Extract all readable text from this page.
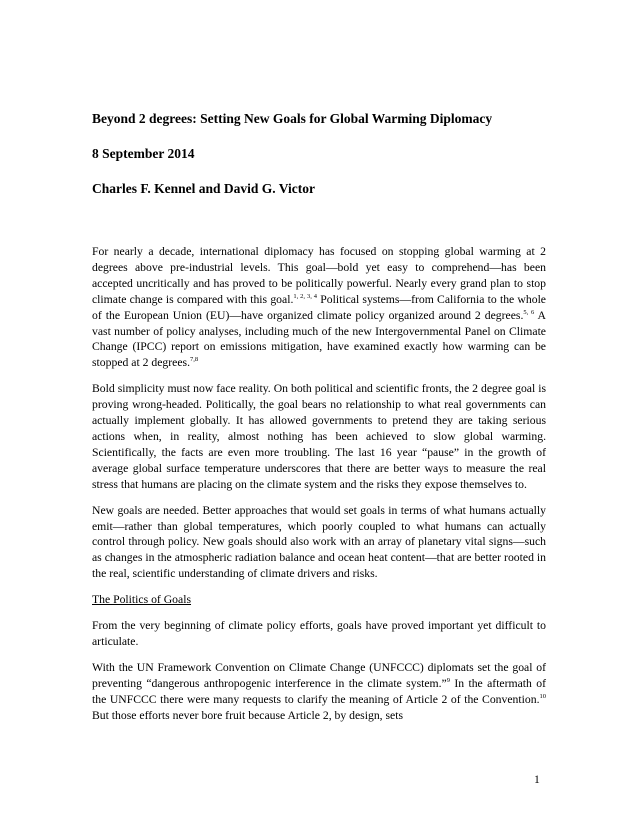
Beyond 2 degrees: Setting New Goals for Global Warming Diplomacy
8 September 2014
Charles F. Kennel and David G. Victor

For nearly a decade, international diplomacy has focused on stopping global warming at 2 degrees above pre-industrial levels. This goal—bold yet easy to comprehend—has been accepted uncritically and has proved to be politically powerful. Nearly every grand plan to stop climate change is compared with this goal.$^{1, 2, 3, 4}$ Political systems—from California to the whole of the European Union (EU)—have organized climate policy organized around 2 degrees.$^{5, 6}$ A vast number of policy analyses, including much of the new Intergovernmental Panel on Climate Change (IPCC) report on emissions mitigation, have examined exactly how warming can be stopped at 2 degrees.$^{7,8}$

Bold simplicity must now face reality. On both political and scientific fronts, the 2 degree goal is proving wrong-headed. Politically, the goal bears no relationship to what real governments can actually implement globally. It has allowed governments to pretend they are taking serious actions when, in reality, almost nothing has been achieved to slow global warming. Scientifically, the facts are even more troubling. The last 16 year “pause” in the growth of average global surface temperature underscores that there are better ways to measure the real stress that humans are placing on the climate system and the risks they expose themselves to.

New goals are needed. Better approaches that would set goals in terms of what humans actually emit—rather than global temperatures, which poorly coupled to what humans can actually control through policy. New goals should also work with an array of planetary vital signs—such as changes in the atmospheric radiation balance and ocean heat content—that are better rooted in the real, scientific understanding of climate drivers and risks.

The Politics of Goals

From the very beginning of climate policy efforts, goals have proved important yet difficult to articulate.

With the UN Framework Convention on Climate Change (UNFCCC) diplomats set the goal of preventing “dangerous anthropogenic interference in the climate system.”$^9$ In the aftermath of the UNFCCC there were many requests to clarify the meaning of Article 2 of the Convention.$^{10}$ But those efforts never bore fruit because Article 2, by design, sets

1
